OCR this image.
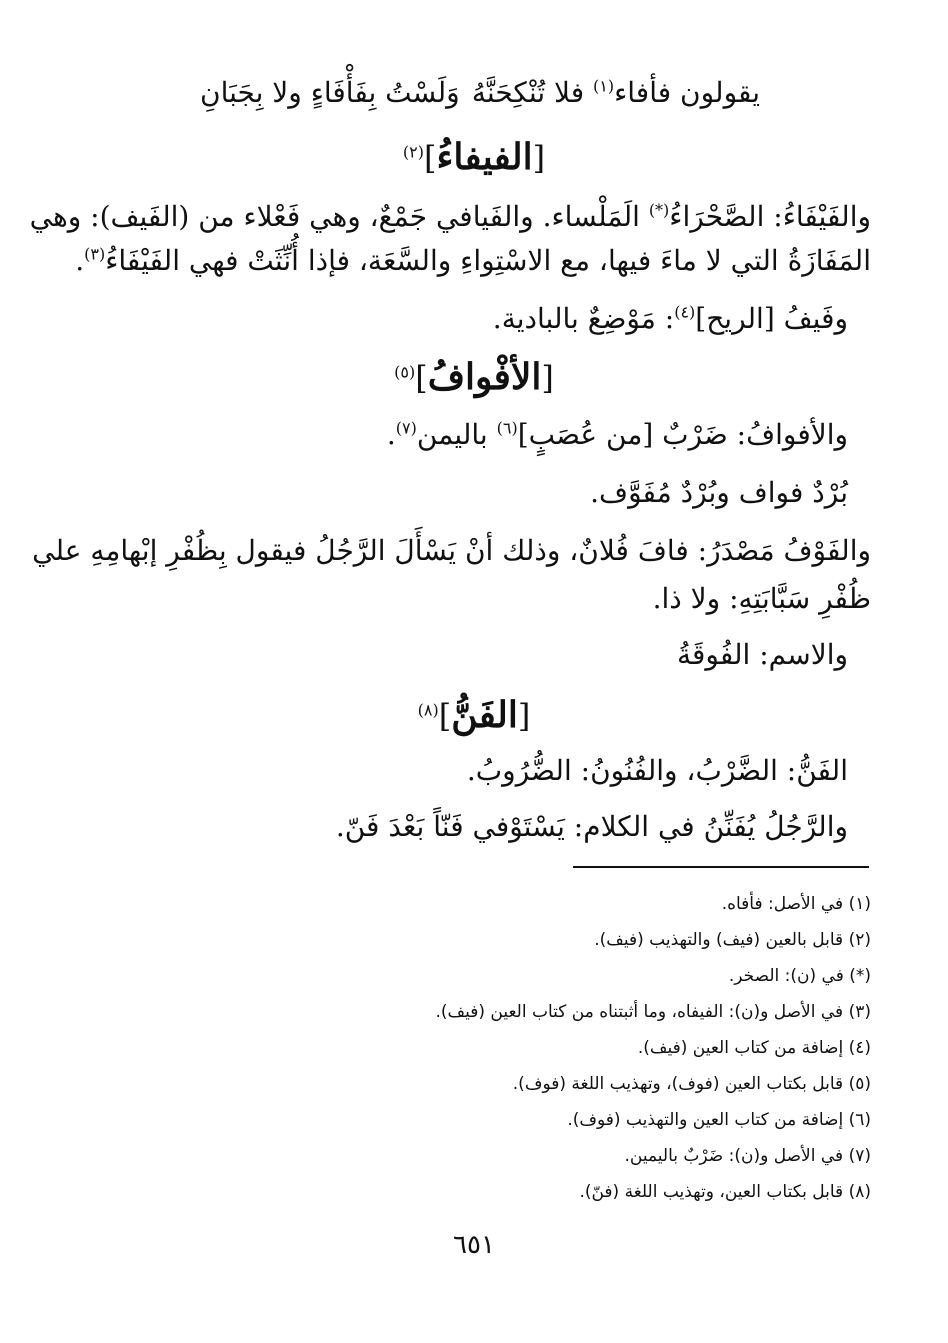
يقولون فأفاء$^{(١)}$ فلا تُنْكِحَنَّهُ
وَلَسْتُ بِفَأْفَاءٍ ولا بِجَبَانِ
[الفيفاءُ]$^{(٢)}$
والفَيْفَاءُ: الصَّحْرَاءُ(*) الَمَلْساء. والفَيافي جَمْعٌ، وهي فَعْلاء من (الفَيف): وهي
المَفَازَةُ التي لا ماءَ فيها، مع الاسْتِواءِ والسَّعَة، فإذا أُنِّثَتْ فهي الفَيْفَاءُ$^{(٣)}$.
وفَيفُ [الريح]$^{(٤)}$: مَوْضِعٌ بالبادية.
[الأفْوافُ]$^{(٥)}$
والأفوافُ: ضَرْبٌ [من عُصَبٍ]$^{(٦)}$ باليمن$^{(٧)}$.
بُرْدٌ فواف وبُرْدٌ مُفَوَّف.
والفَوْفُ مَصْدَرُ: فافَ فُلانٌ، وذلك أنْ يَسْأَلَ الرَّجُلُ فيقول بِظُفْرِ إبْهامِهِ علي
ظُفْرِ سَبَّابَتِهِ: ولا ذا.
والاسم: الفُوقَةُ
[الفَنُّ]$^{(٨)}$
الفَنُّ: الضَّرْبُ، والفُنُونُ: الضُّرُوبُ.
والرَّجُلُ يُفَنِّنُ في الكلام: يَسْتَوْفي فَنّاً بَعْدَ فَنّ.
(١) في الأصل: فأفاه.
(٢) قابل بالعين (فيف) والتهذيب (فيف).
(*) في (ن): الصخر.
(٣) في الأصل و(ن): الفيفاه، وما أثبتناه من كتاب العين (فيف).
(٤) إضافة من كتاب العين (فيف).
(٥) قابل بكتاب العين (فوف)، وتهذيب اللغة (فوف).
(٦) إضافة من كتاب العين والتهذيب (فوف).
(٧) في الأصل و(ن): ضَرْبٌ باليمين.
(٨) قابل بكتاب العين، وتهذيب اللغة (فنّ).
٦٥١
